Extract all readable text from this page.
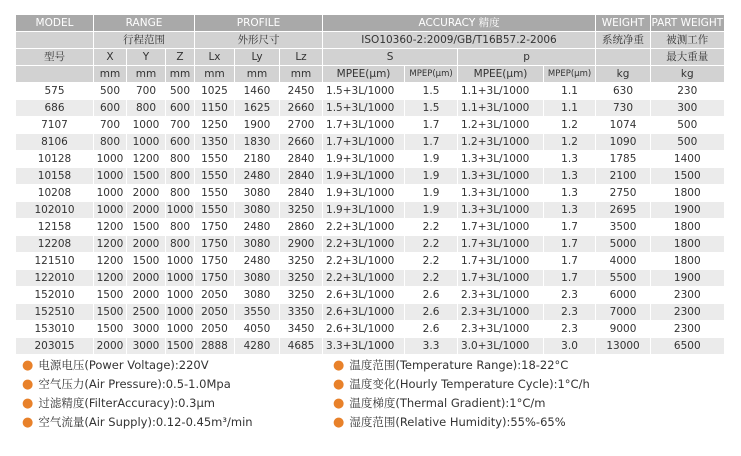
MODEL	RANGE			PROFILE			ACCURACY 精度				WEIGHT	PART WEIGHT
	行程范围			外形尺寸			ISO10360-2:2009/GB/T16B57.2-2006				系统净重	被测工作
型号	X	Y	Z	Lx	Ly	Lz	S		p			最大重量
	mm	mm	mm	mm	mm	mm	MPEE(µm)	MPEP(µm)	MPEE(µm)	MPEP(µm)	kg	kg
575	500	700	500	1025	1460	2450	1.5+3L/1000	1.5	1.1+3L/1000	1.1	630	230
686	600	800	600	1150	1625	2660	1.5+3L/1000	1.5	1.1+3L/1000	1.1	730	300
7107	700	1000	700	1250	1900	2700	1.7+3L/1000	1.7	1.2+3L/1000	1.2	1074	500
8106	800	1000	600	1350	1830	2660	1.7+3L/1000	1.7	1.2+3L/1000	1.2	1090	500
10128	1000	1200	800	1550	2180	2840	1.9+3L/1000	1.9	1.3+3L/1000	1.3	1785	1400
10158	1000	1500	800	1550	2480	2840	1.9+3L/1000	1.9	1.3+3L/1000	1.3	2100	1500
10208	1000	2000	800	1550	3080	2840	1.9+3L/1000	1.9	1.3+3L/1000	1.3	2750	1800
102010	1000	2000	1000	1550	3080	3250	1.9+3L/1000	1.9	1.3+3L/1000	1.3	2695	1900
12158	1200	1500	800	1750	2480	2860	2.2+3L/1000	2.2	1.7+3L/1000	1.7	3500	1800
12208	1200	2000	800	1750	3080	2900	2.2+3L/1000	2.2	1.7+3L/1000	1.7	5000	1800
121510	1200	1500	1000	1750	2480	3250	2.2+3L/1000	2.2	1.7+3L/1000	1.7	4000	1800
122010	1200	2000	1000	1750	3080	3250	2.2+3L/1000	2.2	1.7+3L/1000	1.7	5500	1900
152010	1500	2000	1000	2050	3080	3250	2.6+3L/1000	2.6	2.3+3L/1000	2.3	6000	2300
152510	1500	2500	1000	2050	3550	3350	2.6+3L/1000	2.6	2.3+3L/1000	2.3	7000	2300
153010	1500	3000	1000	2050	4050	3450	2.6+3L/1000	2.6	2.3+3L/1000	2.3	9000	2300
203015	2000	3000	1500	2888	4280	4685	3.3+3L/1000	3.3	3.0+3L/1000	3.0	13000	6500
● 电源电压(Power Voltage):220V
● 空气压力(Air Pressure):0.5-1.0Mpa
● 过滤精度(FilterAccuracy):0.3µm
● 空气流量(Air Supply):0.12-0.45m³/min
● 温度范围(Temperature Range):18-22°C
● 温度变化(Hourly Temperature Cycle):1°C/h
● 温度梯度(Thermal Gradient):1°C/m
● 湿度范围(Relative Humidity):55%-65%
